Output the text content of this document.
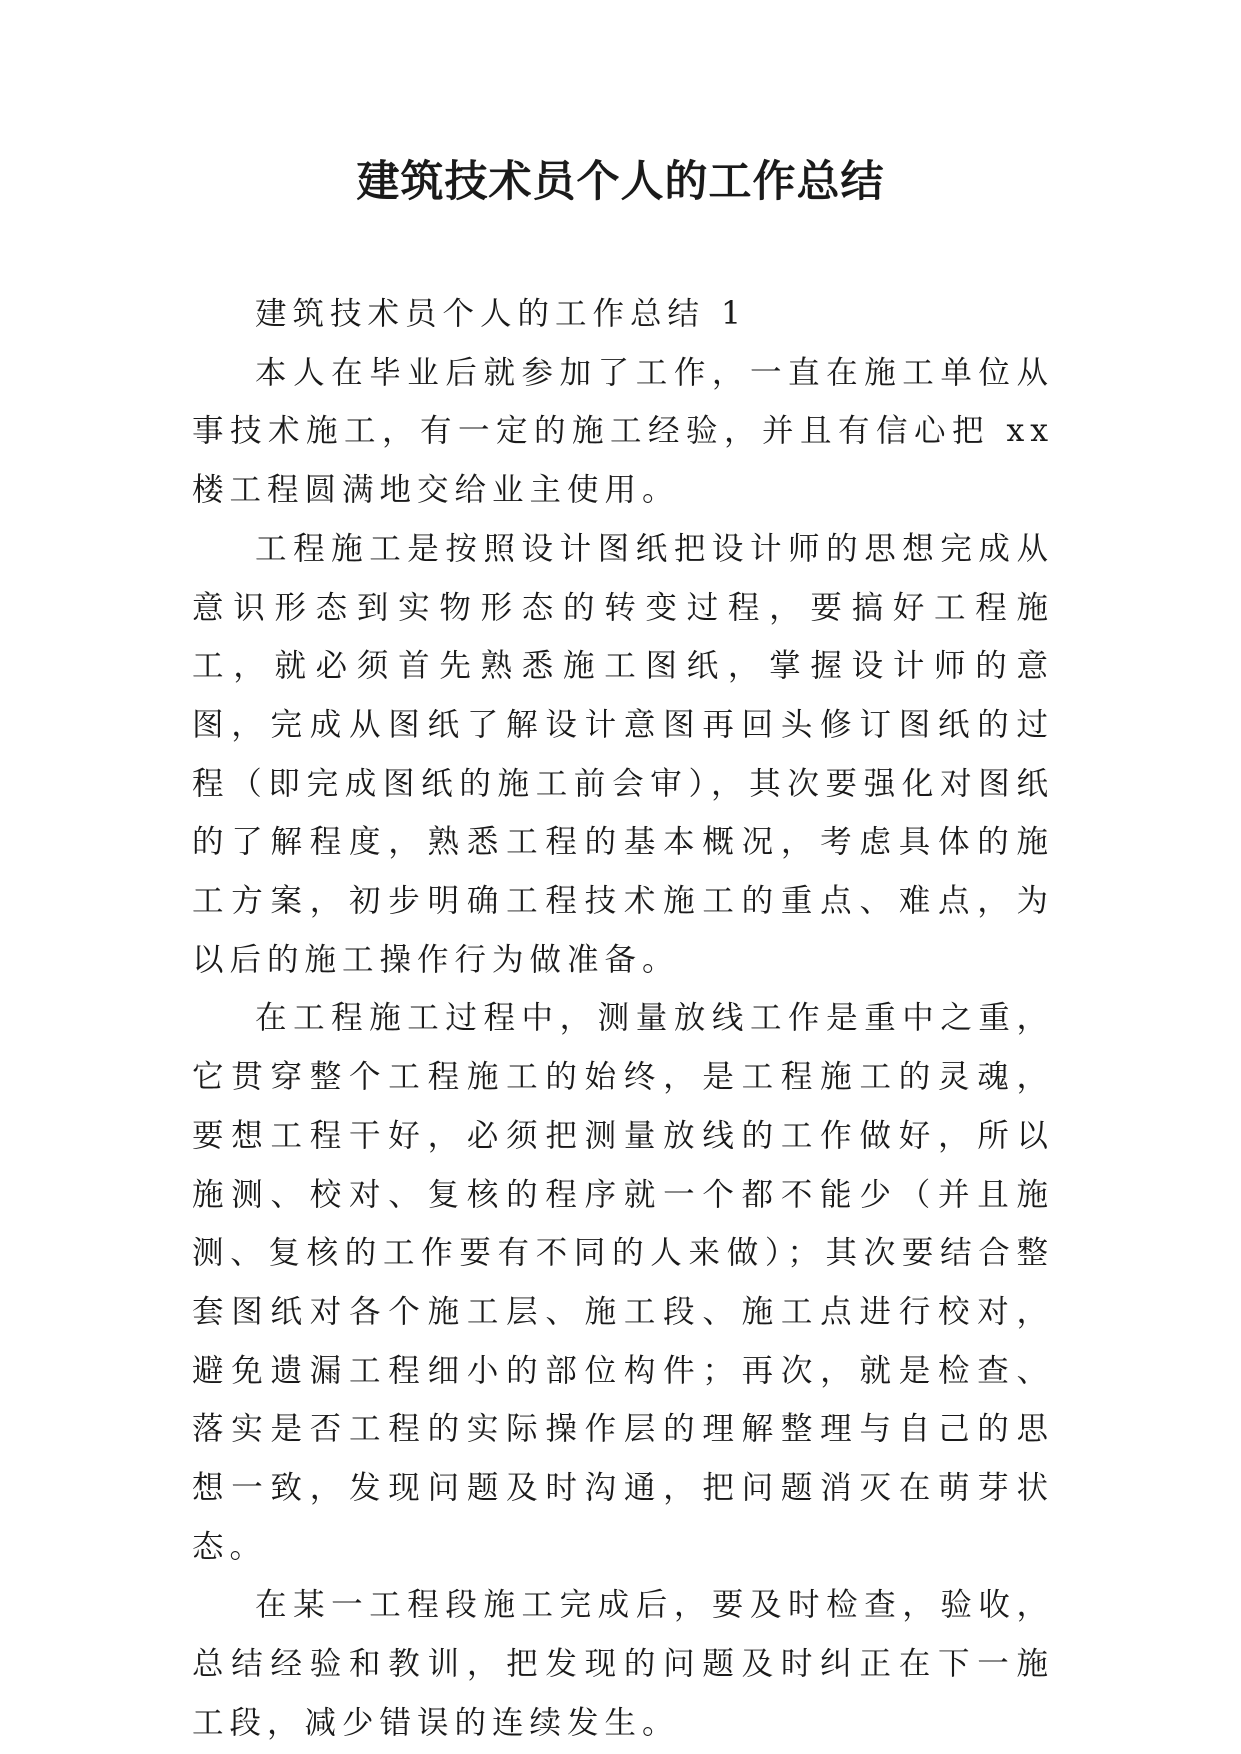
建筑技术员个人的工作总结

建筑技术员个人的工作总结 1

本人在毕业后就参加了工作，一直在施工单位从事技术施工，有一定的施工经验，并且有信心把 xx 楼工程圆满地交给业主使用。

工程施工是按照设计图纸把设计师的思想完成从意识形态到实物形态的转变过程，要搞好工程施工，就必须首先熟悉施工图纸，掌握设计师的意图，完成从图纸了解设计意图再回头修订图纸的过程（即完成图纸的施工前会审），其次要强化对图纸的了解程度，熟悉工程的基本概况，考虑具体的施工方案，初步明确工程技术施工的重点、难点，为以后的施工操作行为做准备。

在工程施工过程中，测量放线工作是重中之重，它贯穿整个工程施工的始终，是工程施工的灵魂，要想工程干好，必须把测量放线的工作做好，所以施测、校对、复核的程序就一个都不能少（并且施测、复核的工作要有不同的人来做）；其次要结合整套图纸对各个施工层、施工段、施工点进行校对，避免遗漏工程细小的部位构件；再次，就是检查、落实是否工程的实际操作层的理解整理与自己的思想一致，发现问题及时沟通，把问题消灭在萌芽状态。

在某一工程段施工完成后，要及时检查，验收，总结经验和教训，把发现的问题及时纠正在下一施工段，减少错误的连续发生。
